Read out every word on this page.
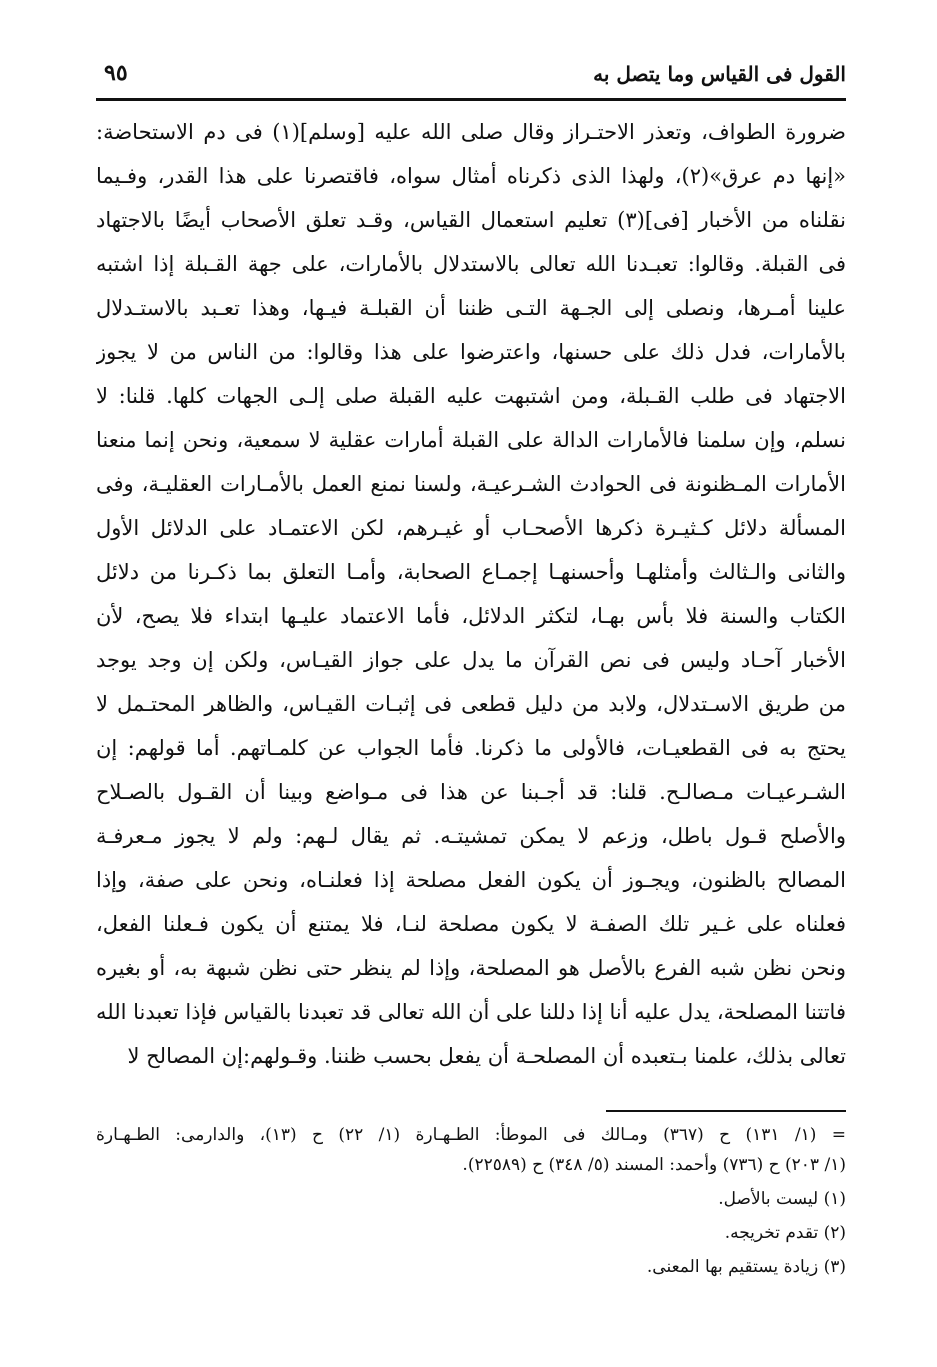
القول فى القياس وما يتصل به
٩٥
ضرورة الطواف، وتعذر الاحتـراز وقال صلى الله عليه [وسلم](١) فى دم الاستحاضة:
«إنها دم عرق»(٢)، ولهذا الذى ذكرناه أمثال سواه، فاقتصرنا على هذا القدر، وفـيما
نقلناه من الأخبار [فى](٣) تعليم استعمال القياس، وقـد تعلق الأصحاب أيضًا بالاجتهاد
فى القبلة. وقالوا: تعبـدنا الله تعالى بالاستدلال بالأمارات، على جهة القـبلة إذا اشتبه
علينا أمـرها، ونصلى إلى الجـهة التـى ظننا أن القبلـة فيـها، وهذا تعـبد بالاستـدلال
بالأمارات، فدل ذلك على حسنها، واعترضوا على هذا وقالوا: من الناس من لا يجوز
الاجتهاد فى طلب القـبلة، ومن اشتبهت عليه القبلة صلى إلـى الجهات كلها. قلنا: لا
نسلم، وإن سلمنا فالأمارات الدالة على القبلة أمارات عقلية لا سمعية، ونحن إنما منعنا
الأمارات المـظنونة فى الحوادث الشـرعيـة، ولسنا نمنع العمل بالأمـارات العقليـة، وفى
المسألة دلائل كـثيـرة ذكرها الأصحـاب أو غيـرهم، لكن الاعتمـاد على الدلائل الأول
والثانى والـثالث وأمثلهـا وأحسنهـا إجمـاع الصحابة، وأمـا التعلق بما ذكـرنا من دلائل
الكتاب والسنة فلا بأس بهـا، لتكثر الدلائل، فأما الاعتماد عليـها ابتداء فلا يصح، لأن
الأخبار آحـاد وليس فى نص القرآن ما يدل على جواز القيـاس، ولكن إن وجد يوجد
من طريق الاسـتدلال، ولابد من دليل قطعى فى إثبـات القيـاس، والظاهر المحتـمل لا
يحتج به فى القطعيـات، فالأولى ما ذكرنا. فأما الجواب عن كلمـاتهم. أما قولهم: إن
الشـرعيـات مـصالـح. قلنا: قد أجـبنا عن هذا فى مـواضع وبينا أن القـول بالصـلاح
والأصلح قـول باطل، وزعم لا يمكن تمشيتـه. ثم يقال لـهم: ولم لا يجوز مـعرفـة
المصالح بالظنون، ويجـوز أن يكون الفعل مصلحة إذا فعلنـاه، ونحن على صفة، وإذا
فعلناه على غـير تلك الصفـة لا يكون مصلحة لنـا، فلا يمتنع أن يكون فـعلنا الفعل،
ونحن نظن شبه الفرع بالأصل هو المصلحة، وإذا لم ينظر حتى نظن شبهة به، أو بغيره
فاتتنا المصلحة، يدل عليه أنا إذا دللنا على أن الله تعالى قد تعبدنا بالقياس فإذا تعبدنا الله
تعالى بذلك، علمنا بـتعبده أن المصلحـة أن يفعل بحسب ظننا. وقـولهم:إن المصالح لا
= (١/ ١٣١) ح (٣٦٧) ومـالك فى الموطأ: الطـهـارة (١/ ٢٢) ح (١٣)، والدارمى: الطـهـارة
(١/ ٢٠٣) ح (٧٣٦) وأحمد: المسند (٥/ ٣٤٨) ح (٢٢٥٨٩).
(١) ليست بالأصل.
(٢) تقدم تخريجه.
(٣) زيادة يستقيم بها المعنى.
